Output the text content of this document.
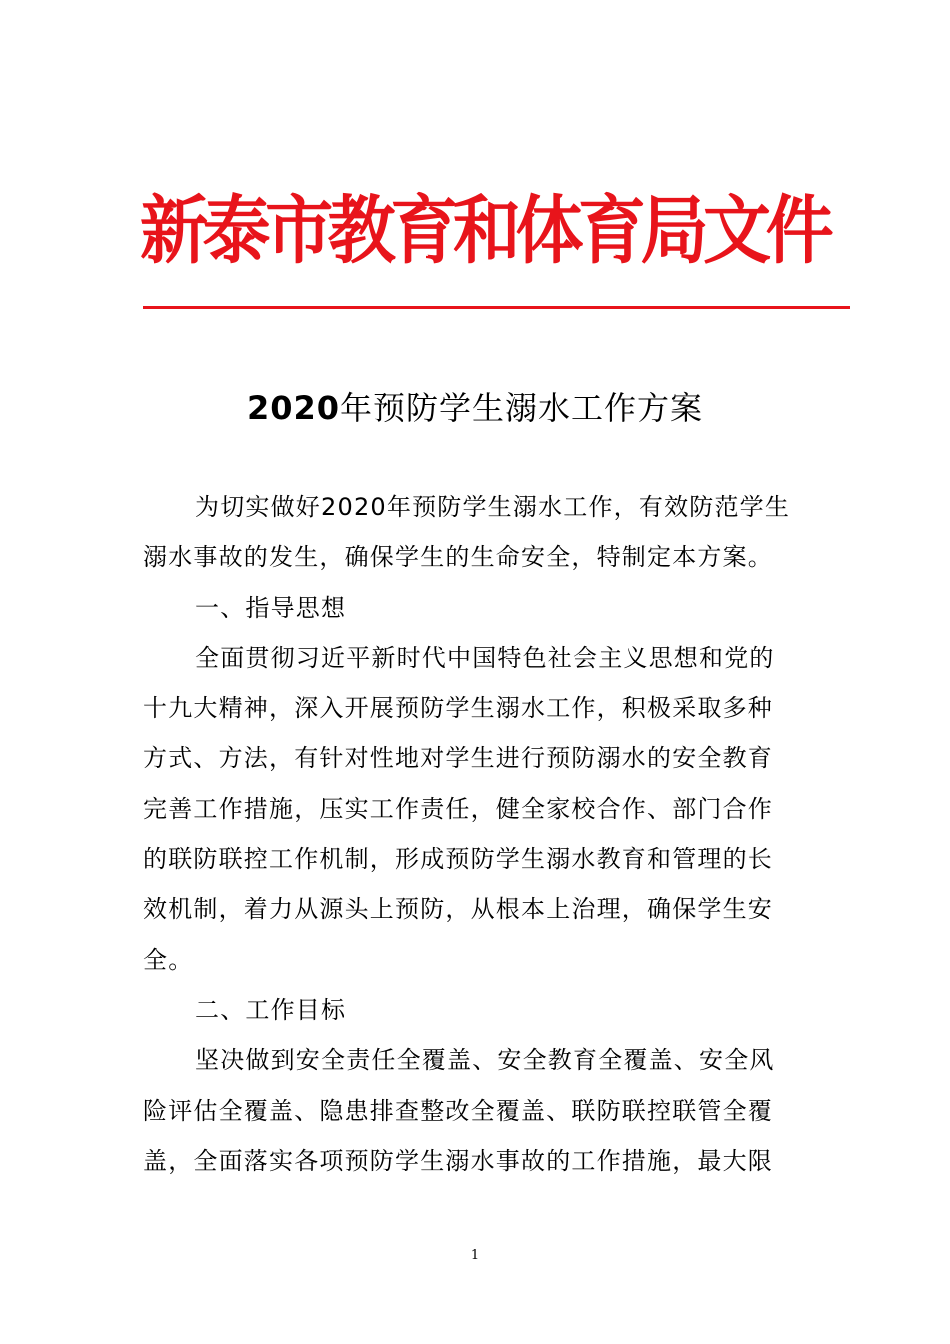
新泰市教育和体育局文件
2020年预防学生溺水工作方案
为切实做好2020年预防学生溺水工作，有效防范学生
溺水事故的发生，确保学生的生命安全，特制定本方案。
一、指导思想
全面贯彻习近平新时代中国特色社会主义思想和党的
十九大精神，深入开展预防学生溺水工作，积极采取多种
方式、方法，有针对性地对学生进行预防溺水的安全教育
完善工作措施，压实工作责任，健全家校合作、部门合作
的联防联控工作机制，形成预防学生溺水教育和管理的长
效机制，着力从源头上预防，从根本上治理，确保学生安
全。
二、工作目标
坚决做到安全责任全覆盖、安全教育全覆盖、安全风
险评估全覆盖、隐患排查整改全覆盖、联防联控联管全覆
盖，全面落实各项预防学生溺水事故的工作措施，最大限
1
